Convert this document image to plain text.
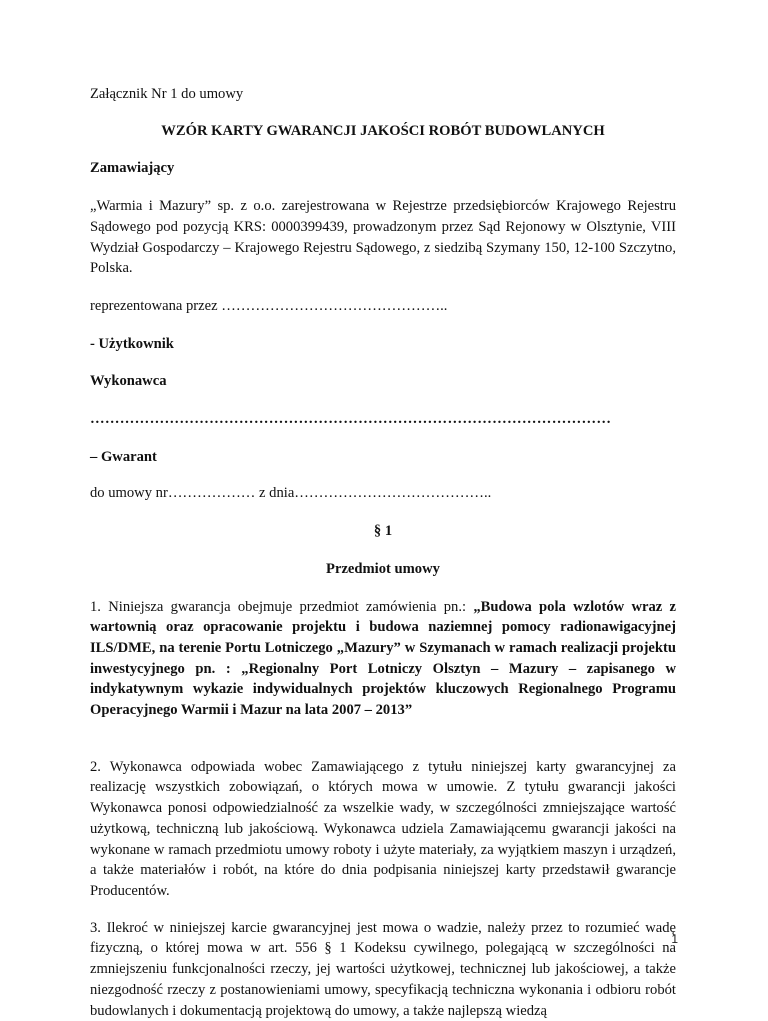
Załącznik Nr 1 do umowy

WZÓR KARTY GWARANCJI JAKOŚCI ROBÓT BUDOWLANYCH

Zamawiający

„Warmia i Mazury” sp. z o.o. zarejestrowana w Rejestrze przedsiębiorców Krajowego Rejestru Sądowego pod pozycją KRS: 0000399439, prowadzonym przez Sąd Rejonowy w Olsztynie, VIII Wydział Gospodarczy – Krajowego Rejestru Sądowego, z siedzibą Szymany 150, 12-100 Szczytno, Polska.

reprezentowana przez ………………………………………..

- Użytkownik

Wykonawca

……………………………………………………………………………………………

– Gwarant

do umowy nr……………… z dnia…………………………………..

§ 1

Przedmiot umowy

1. Niniejsza gwarancja obejmuje przedmiot zamówienia pn.: „Budowa pola wzlotów wraz z wartownią oraz opracowanie projektu i budowa naziemnej pomocy radionawigacyjnej ILS/DME, na terenie Portu Lotniczego „Mazury” w Szymanach w ramach realizacji projektu inwestycyjnego pn. : „Regionalny Port Lotniczy Olsztyn – Mazury – zapisanego w indykatywnym wykazie indywidualnych projektów kluczowych Regionalnego Programu Operacyjnego Warmii i Mazur na lata 2007 – 2013”

2. Wykonawca odpowiada wobec Zamawiającego z tytułu niniejszej karty gwarancyjnej za realizację wszystkich zobowiązań, o których mowa w umowie. Z tytułu gwarancji jakości Wykonawca ponosi odpowiedzialność za wszelkie wady, w szczególności zmniejszające wartość użytkową, techniczną lub jakościową. Wykonawca udziela Zamawiającemu gwarancji jakości na wykonane w ramach przedmiotu umowy roboty i użyte materiały, za wyjątkiem maszyn i urządzeń, a także materiałów i robót, na które do dnia podpisania niniejszej karty przedstawił gwarancje Producentów.

3. Ilekroć w niniejszej karcie gwarancyjnej jest mowa o wadzie, należy przez to rozumieć wadę fizyczną, o której mowa w art. 556 § 1 Kodeksu cywilnego, polegającą w szczególności na zmniejszeniu funkcjonalności rzeczy, jej wartości użytkowej, technicznej lub jakościowej, a także niezgodność rzeczy z postanowieniami umowy, specyfikacją techniczna wykonania i odbioru robót budowlanych i dokumentacją projektową do umowy, a także najlepszą wiedzą

1
